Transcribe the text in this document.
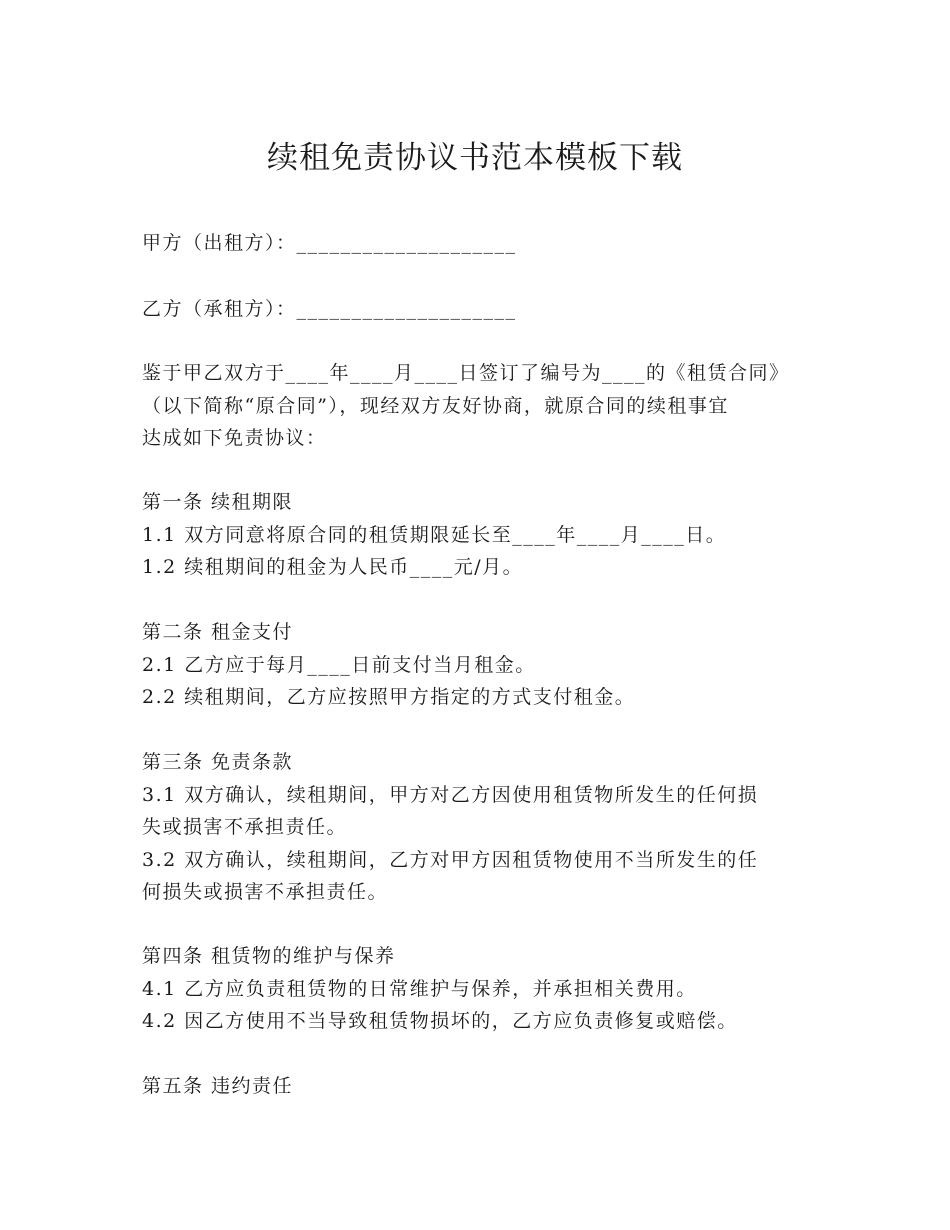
续租免责协议书范本模板下载

甲方（出租方）：____________________

乙方（承租方）：____________________

鉴于甲乙双方于____年____月____日签订了编号为____的《租赁合同》

（以下简称“原合同”），现经双方友好协商，就原合同的续租事宜

达成如下免责协议：

第一条 续租期限

1.1 双方同意将原合同的租赁期限延长至____年____月____日。

1.2 续租期间的租金为人民币____元/月。

第二条 租金支付

2.1 乙方应于每月____日前支付当月租金。

2.2 续租期间，乙方应按照甲方指定的方式支付租金。

第三条 免责条款

3.1 双方确认，续租期间，甲方对乙方因使用租赁物所发生的任何损

失或损害不承担责任。

3.2 双方确认，续租期间，乙方对甲方因租赁物使用不当所发生的任

何损失或损害不承担责任。

第四条 租赁物的维护与保养

4.1 乙方应负责租赁物的日常维护与保养，并承担相关费用。

4.2 因乙方使用不当导致租赁物损坏的，乙方应负责修复或赔偿。

第五条 违约责任
